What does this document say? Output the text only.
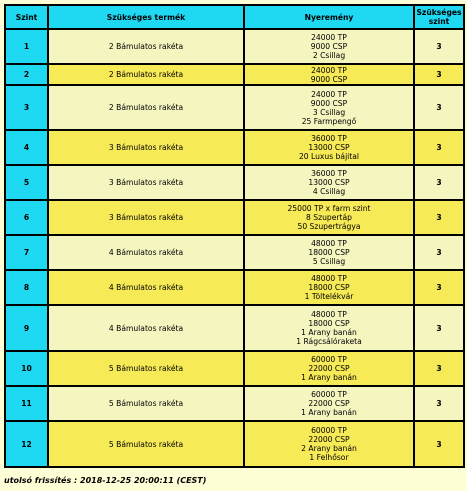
Szint	Szükséges termék	Nyeremény	Szükséges
szint

1	2 Bámulatos rakéta	24000 TP
9000 CSP
2 Csillag	3
2	2 Bámulatos rakéta	24000 TP
9000 CSP	3
3	2 Bámulatos rakéta	24000 TP
9000 CSP
3 Csillag
25 Farmpengő	3
4	3 Bámulatos rakéta	36000 TP
13000 CSP
20 Luxus bájital	3
5	3 Bámulatos rakéta	36000 TP
13000 CSP
4 Csillag	3
6	3 Bámulatos rakéta	25000 TP x farm szint
8 Szupertáp
50 Szupertrágya	3
7	4 Bámulatos rakéta	48000 TP
18000 CSP
5 Csillag	3
8	4 Bámulatos rakéta	48000 TP
18000 CSP
1 Töltelékvár	3
9	4 Bámulatos rakéta	48000 TP
18000 CSP
1 Arany banán
1 Rágcsálóraketa	3
10	5 Bámulatos rakéta	60000 TP
22000 CSP
1 Arany banán	3
11	5 Bámulatos rakéta	60000 TP
22000 CSP
1 Arany banán	3
12	5 Bámulatos rakéta	60000 TP
22000 CSP
2 Arany banán
1 Felhősor	3
utolsó frissítés : 2018-12-25 20:00:11 (CEST)
